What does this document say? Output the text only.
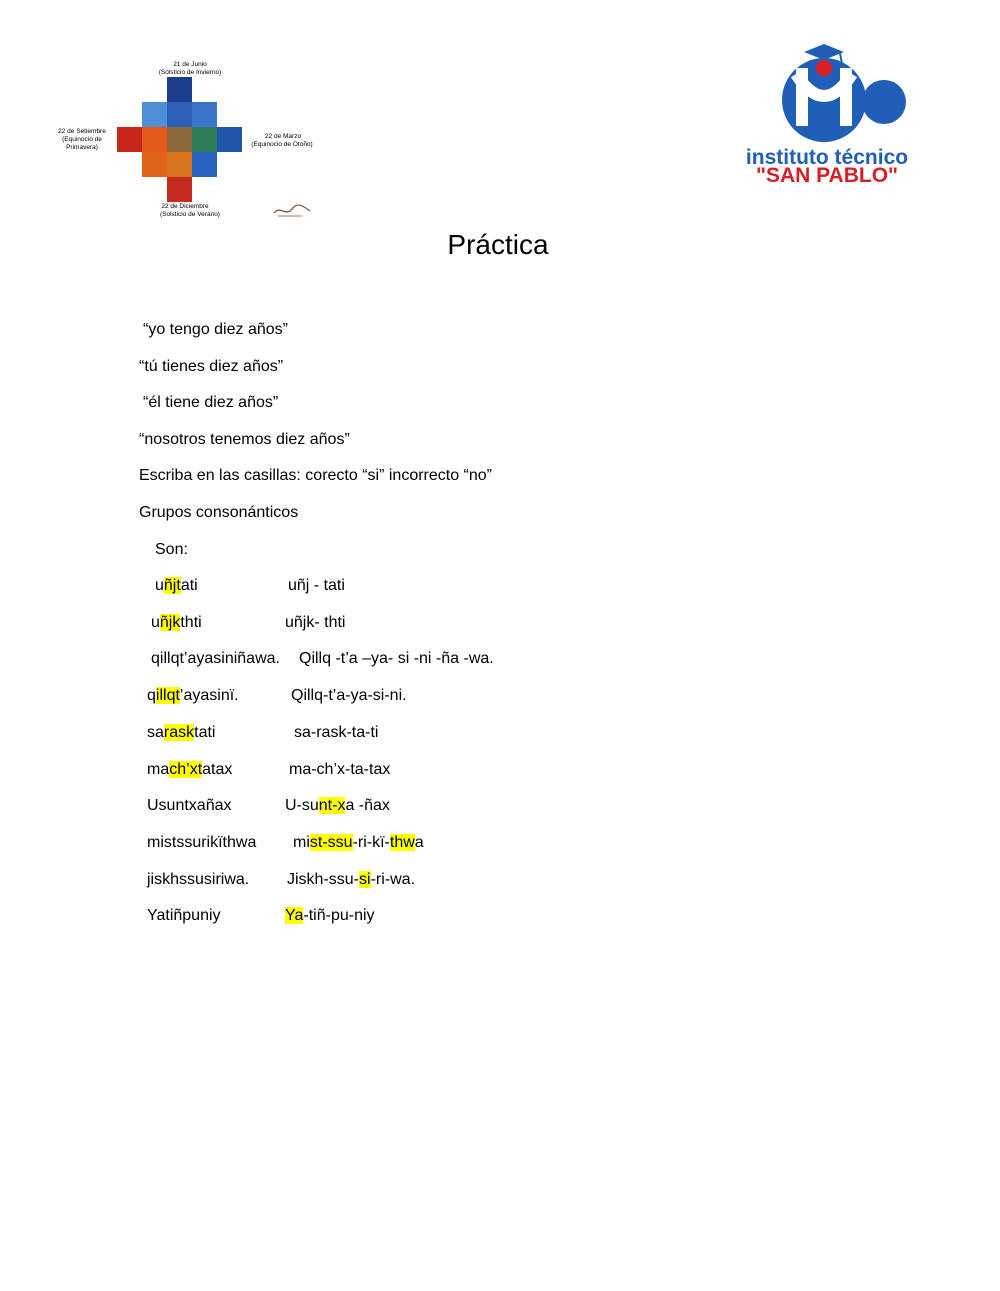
21 de Junio
(Solsticio de Invierno)
22 de Setiembre
(Equinocio de
Primavera)
22 de Marzo
(Equinocio de Otoño)
22 de Diciembre
(Solsticio de Verano)
sp
instituto técnico
"SAN PABLO"
Práctica
“yo tengo diez años”
“tú tienes diez años”
“él tiene diez años”
“nosotros tenemos diez años”
Escriba en las casillas: corecto “si” incorrecto “no”
Grupos consonánticos
Son:
uñjtati	uñj - tati
uñjkthti	uñjk- thti
qillqt’ayasiniñawa. Qillq -t’a –ya- si -ni -ña -wa.
qillqt’ayasinï.	Qillq-t’a-ya-si-ni.
sarasktati	sa-rask-ta-ti
mach’xtatax	ma-ch’x-ta-tax
Usuntxañax	U-sunt-xa -ñax
mistssurikïthwa mist-ssu-ri-kï-thwa
jiskhssusiriwa. Jiskh-ssu-si-ri-wa.
Yatiñpuniy	Ya-tiñ-pu-niy
